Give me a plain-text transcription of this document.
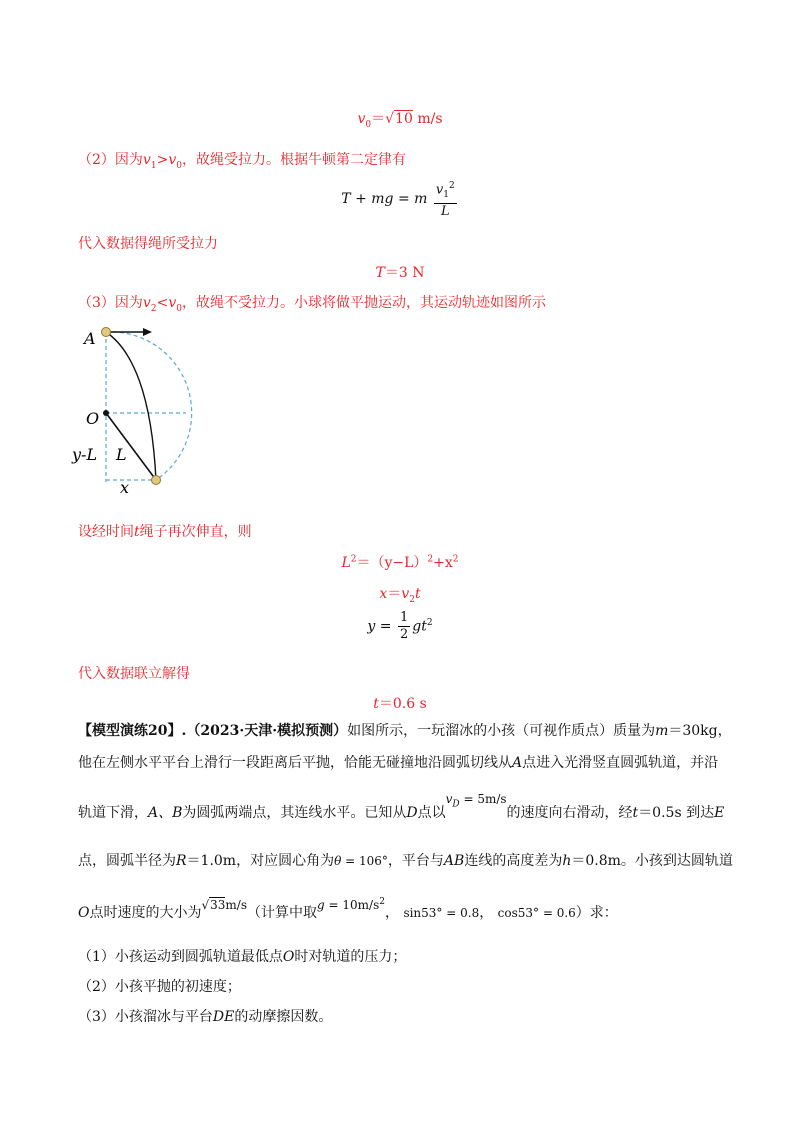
$v_0=√10$ m/s
（2）因为$v_1>v_0$，故绳受拉力。根据牛顿第二定律有
T + mg = m $\frac{v_1^2}{L}$
代入数据得绳所受拉力
T＝3 N
（3）因为$v_2<v_0$，故绳不受拉力。小球将做平抛运动，其运动轨迹如图所示
A
O
y-L L
x
设经时间t绳子再次伸直，则
$L^2=(y-L)^2+x^2$
$x=v_2t$
$y = \frac{1}{2} gt^2$
代入数据联立解得
t＝0.6 s
【模型演练20】.（2023·天津·模拟预测）如图所示，一玩溜冰的小孩（可视作质点）质量为m＝30kg，
他在左侧水平平台上滑行一段距离后平抛，恰能无碰撞地沿圆弧切线从A点进入光滑竖直圆弧轨道，并沿
轨道下滑，A、B为圆弧两端点，其连线水平。已知从D点以$v_D = 5m/s$的速度向右滑动，经t＝0.5s 到达E
点，圆弧半径为R＝1.0m，对应圆心角为θ = 106°，平台与AB连线的高度差为h＝0.8m。小孩到达圆轨道
O点时速度的大小为√33m/s（计算中取$g = 10m/s^2$， sin53° = 0.8， cos53° = 0.6）求：
（1）小孩运动到圆弧轨道最低点O时对轨道的压力；
（2）小孩平抛的初速度；
（3）小孩溜冰与平台DE的动摩擦因数。
